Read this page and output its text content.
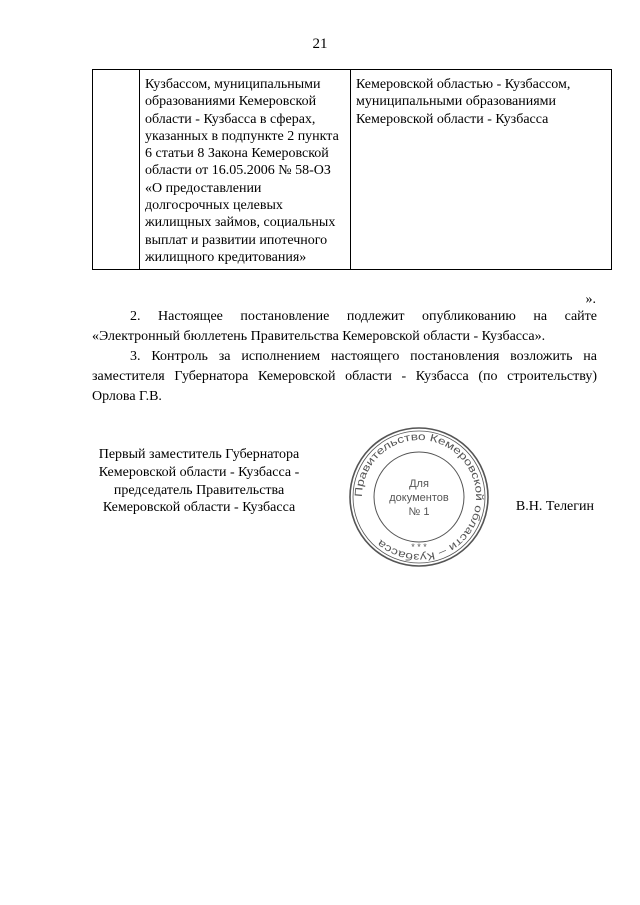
21
	Кузбассом, муниципальными образованиями Кемеровской области - Кузбасса в сферах, указанных в подпункте 2 пункта 6 статьи 8 Закона Кемеровской области от 16.05.2006 № 58-ОЗ «О предоставлении долгосрочных целевых жилищных займов, социальных выплат и развитии ипотечного жилищного кредитования»	Кемеровской областью - Кузбассом, муниципальными образованиями Кемеровской области - Кузбасса
».
2. Настоящее постановление подлежит опубликованию на сайте «Электронный бюллетень Правительства Кемеровской области - Кузбасса».
3. Контроль за исполнением настоящего постановления возложить на заместителя Губернатора Кемеровской области - Кузбасса (по строительству) Орлова Г.В.
Первый заместитель Губернатора
Кемеровской области - Кузбасса -
председатель Правительства
Кемеровской области - Кузбасса
Правительство Кемеровской области – Кузбасса	* * *
Для
документов
№ 1	В.Н. Телегин
